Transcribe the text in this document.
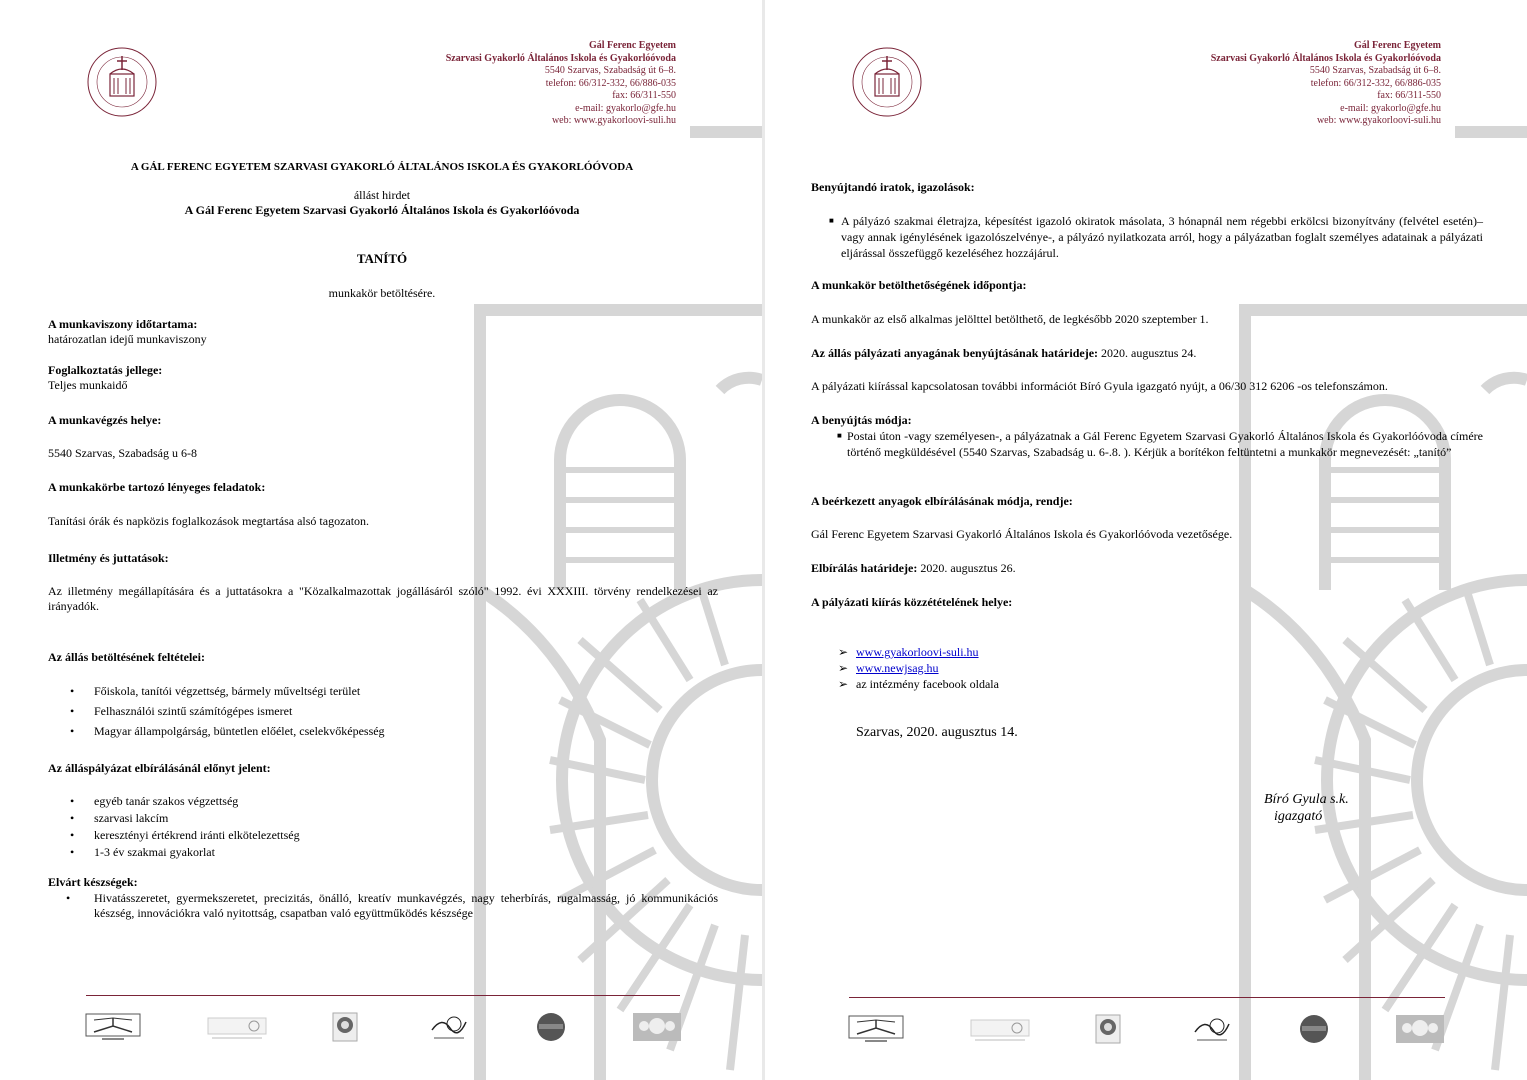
Gál Ferenc Egyetem
Szarvasi Gyakorló Általános Iskola és Gyakorlóóvoda
5540 Szarvas, Szabadság út 6–8.
telefon: 66/312-332, 66/886-035
fax: 66/311-550
e-mail: gyakorlo@gfe.hu
web: www.gyakorloovi-suli.hu
A GÁL FERENC EGYETEM SZARVASI GYAKORLÓ ÁLTALÁNOS ISKOLA ÉS GYAKORLÓÓVODA
állást hirdet
A Gál Ferenc Egyetem Szarvasi Gyakorló Általános Iskola és Gyakorlóóvoda
TANÍTÓ
munkakör betöltésére.
A munkaviszony időtartama:
határozatlan idejű munkaviszony
Foglalkoztatás jellege:
Teljes munkaidő
A munkavégzés helye:
5540 Szarvas, Szabadság u 6-8
A munkakörbe tartozó lényeges feladatok:
Tanítási órák és napközis foglalkozások megtartása alsó tagozaton.
Illetmény és juttatások:
Az illetmény megállapítására és a juttatásokra a "Közalkalmazottak jogállásáról szóló" 1992. évi XXXIII. törvény rendelkezései az irányadók.
Az állás betöltésének feltételei:
• Főiskola, tanítói végzettség, bármely műveltségi terület
• Felhasználói szintű számítógépes ismeret
• Magyar állampolgárság, büntetlen előélet, cselekvőképesség
Az álláspályázat elbírálásánál előnyt jelent:
• egyéb tanár szakos végzettség
• szarvasi lakcím
• keresztényi értékrend iránti elkötelezettség
• 1-3 év szakmai gyakorlat
Elvárt készségek:
• Hivatásszeretet, gyermekszeretet, precizitás, önálló, kreatív munkavégzés, nagy teherbírás, rugalmasság, jó kommunikációs készség, innovációkra való nyitottság, csapatban való együttműködés készsége
Gál Ferenc Egyetem
Szarvasi Gyakorló Általános Iskola és Gyakorlóóvoda
5540 Szarvas, Szabadság út 6–8.
telefon: 66/312-332, 66/886-035
fax: 66/311-550
e-mail: gyakorlo@gfe.hu
web: www.gyakorloovi-suli.hu
Benyújtandó iratok, igazolások:
■ A pályázó szakmai életrajza, képesítést igazoló okiratok másolata, 3 hónapnál nem régebbi erkölcsi bizonyítvány (felvétel esetén)– vagy annak igénylésének igazolószelvénye-, a pályázó nyilatkozata arról, hogy a pályázatban foglalt személyes adatainak a pályázati eljárással összefüggő kezeléséhez hozzájárul.
A munkakör betölthetőségének időpontja:
A munkakör az első alkalmas jelölttel betölthető, de legkésőbb 2020 szeptember 1.
Az állás pályázati anyagának benyújtásának határideje: 2020. augusztus 24.
A pályázati kiírással kapcsolatosan további információt Bíró Gyula igazgató nyújt, a 06/30 312 6206 -os telefonszámon.
A benyújtás módja:
■ Postai úton -vagy személyesen-, a pályázatnak a Gál Ferenc Egyetem Szarvasi Gyakorló Általános Iskola és Gyakorlóóvoda címére történő megküldésével (5540 Szarvas, Szabadság u. 6-.8. ). Kérjük a borítékon feltüntetni a munkakör megnevezését: „tanító”
A beérkezett anyagok elbírálásának módja, rendje:
Gál Ferenc Egyetem Szarvasi Gyakorló Általános Iskola és Gyakorlóóvoda vezetősége.
Elbírálás határideje: 2020. augusztus 26.
A pályázati kiírás közzétételének helye:
➢ www.gyakorloovi-suli.hu
➢ www.newjsag.hu
➢ az intézmény facebook oldala
Szarvas, 2020. augusztus 14.
Bíró Gyula s.k.
igazgató
